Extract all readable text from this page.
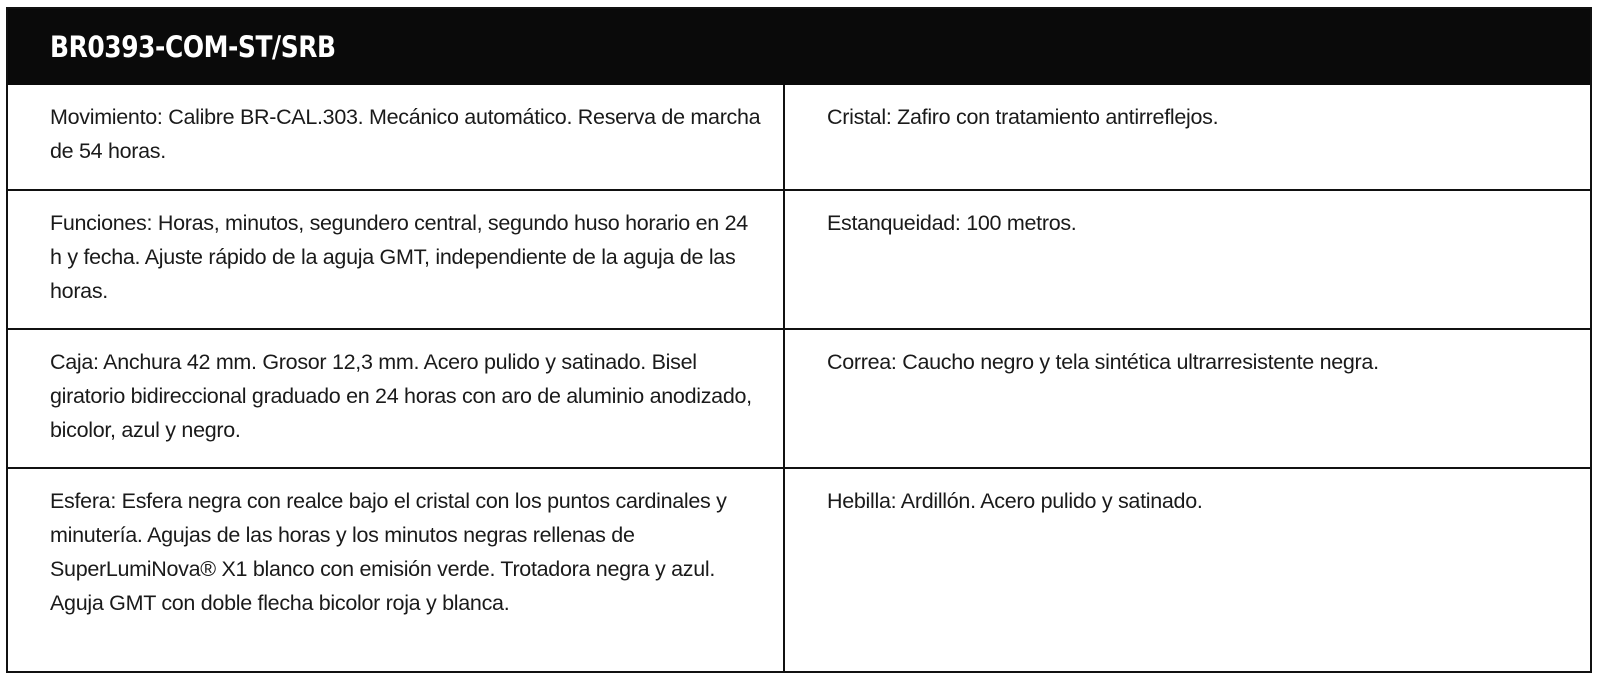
BR0393-COM-ST/SRB
Movimiento: Calibre BR-CAL.303. Mecánico automático. Reserva de marcha de 54 horas.
Cristal: Zafiro con tratamiento antirreflejos.
Funciones: Horas, minutos, segundero central, segundo huso horario en 24 h y fecha. Ajuste rápido de la aguja GMT, independiente de la aguja de las horas.
Estanqueidad: 100 metros.
Caja: Anchura 42 mm. Grosor 12,3 mm. Acero pulido y satinado. Bisel giratorio bidireccional graduado en 24 horas con aro de aluminio anodizado, bicolor, azul y negro.
Correa: Caucho negro y tela sintética ultrarresistente negra.
Esfera: Esfera negra con realce bajo el cristal con los puntos cardinales y minutería. Agujas de las horas y los minutos negras rellenas de SuperLumiNova® X1 blanco con emisión verde. Trotadora negra y azul. Aguja GMT con doble flecha bicolor roja y blanca.
Hebilla: Ardillón. Acero pulido y satinado.
